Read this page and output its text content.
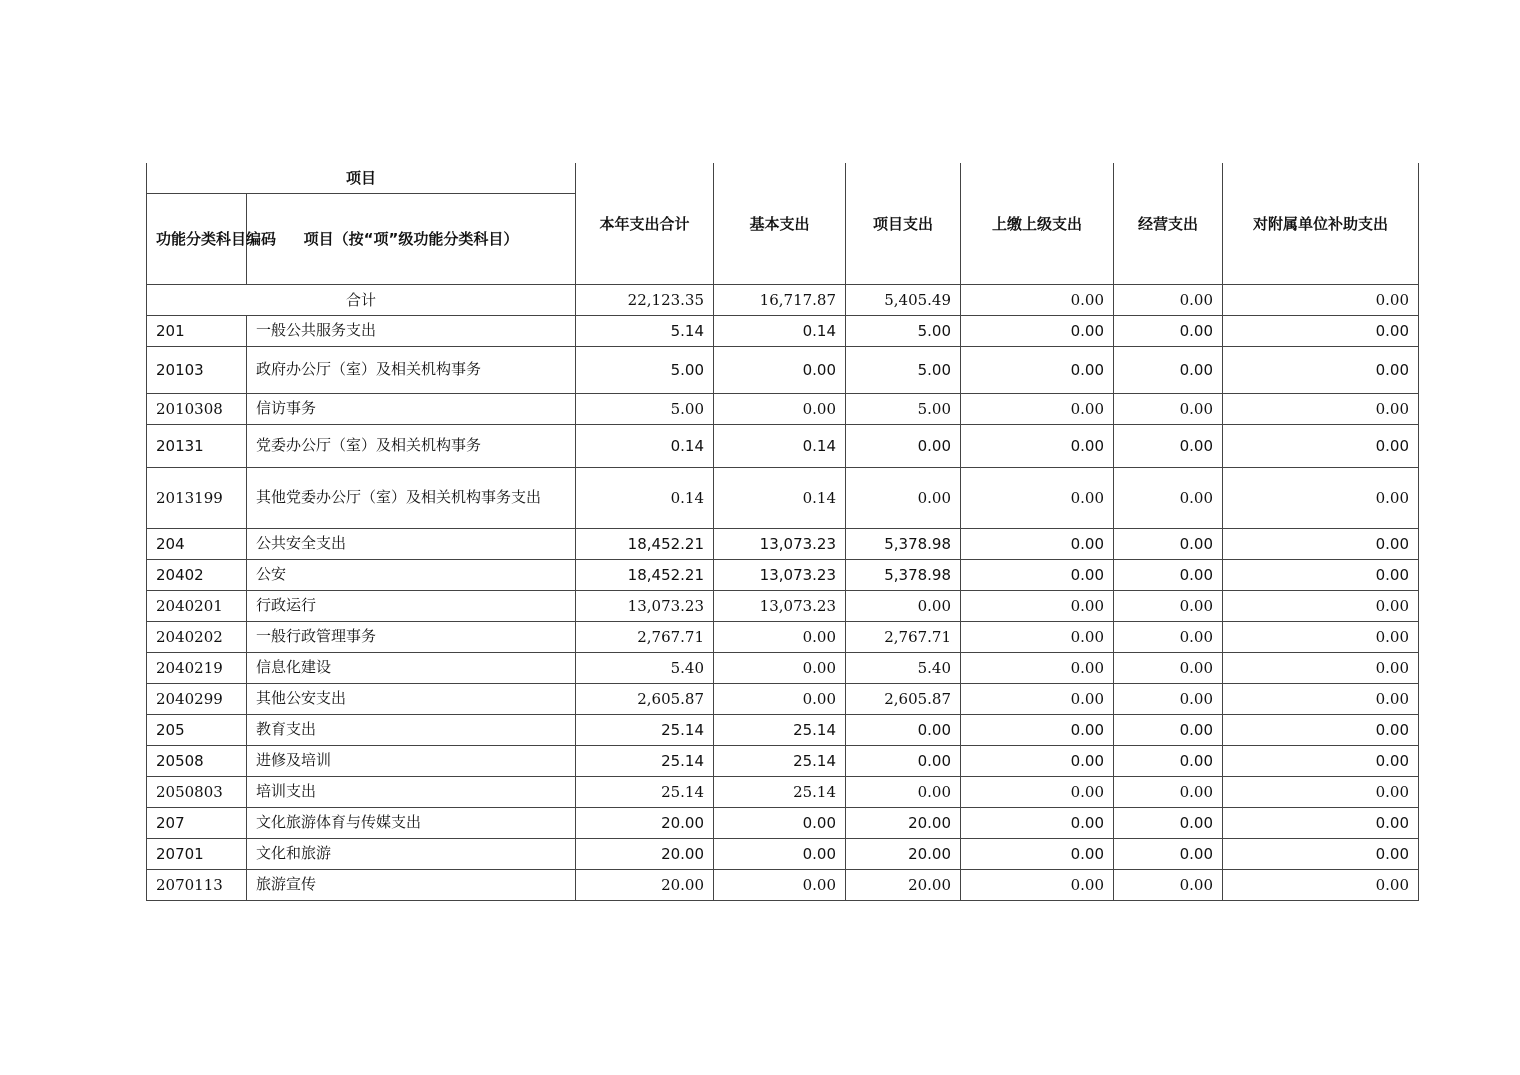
项目		本年支出合计	基本支出	项目支出	上缴上级支出	经营支出	对附属单位补助支出
功能分类科目编码	项目（按“项”级功能分类科目）						
合计		22,123.35	16,717.87	5,405.49	0.00	0.00	0.00
201	一般公共服务支出	5.14	0.14	5.00	0.00	0.00	0.00
20103	政府办公厅（室）及相关机构事务	5.00	0.00	5.00	0.00	0.00	0.00
2010308	信访事务	5.00	0.00	5.00	0.00	0.00	0.00
20131	党委办公厅（室）及相关机构事务	0.14	0.14	0.00	0.00	0.00	0.00
2013199	其他党委办公厅（室）及相关机构事务支出	0.14	0.14	0.00	0.00	0.00	0.00
204	公共安全支出	18,452.21	13,073.23	5,378.98	0.00	0.00	0.00
20402	公安	18,452.21	13,073.23	5,378.98	0.00	0.00	0.00
2040201	行政运行	13,073.23	13,073.23	0.00	0.00	0.00	0.00
2040202	一般行政管理事务	2,767.71	0.00	2,767.71	0.00	0.00	0.00
2040219	信息化建设	5.40	0.00	5.40	0.00	0.00	0.00
2040299	其他公安支出	2,605.87	0.00	2,605.87	0.00	0.00	0.00
205	教育支出	25.14	25.14	0.00	0.00	0.00	0.00
20508	进修及培训	25.14	25.14	0.00	0.00	0.00	0.00
2050803	培训支出	25.14	25.14	0.00	0.00	0.00	0.00
207	文化旅游体育与传媒支出	20.00	0.00	20.00	0.00	0.00	0.00
20701	文化和旅游	20.00	0.00	20.00	0.00	0.00	0.00
2070113	旅游宣传	20.00	0.00	20.00	0.00	0.00	0.00
